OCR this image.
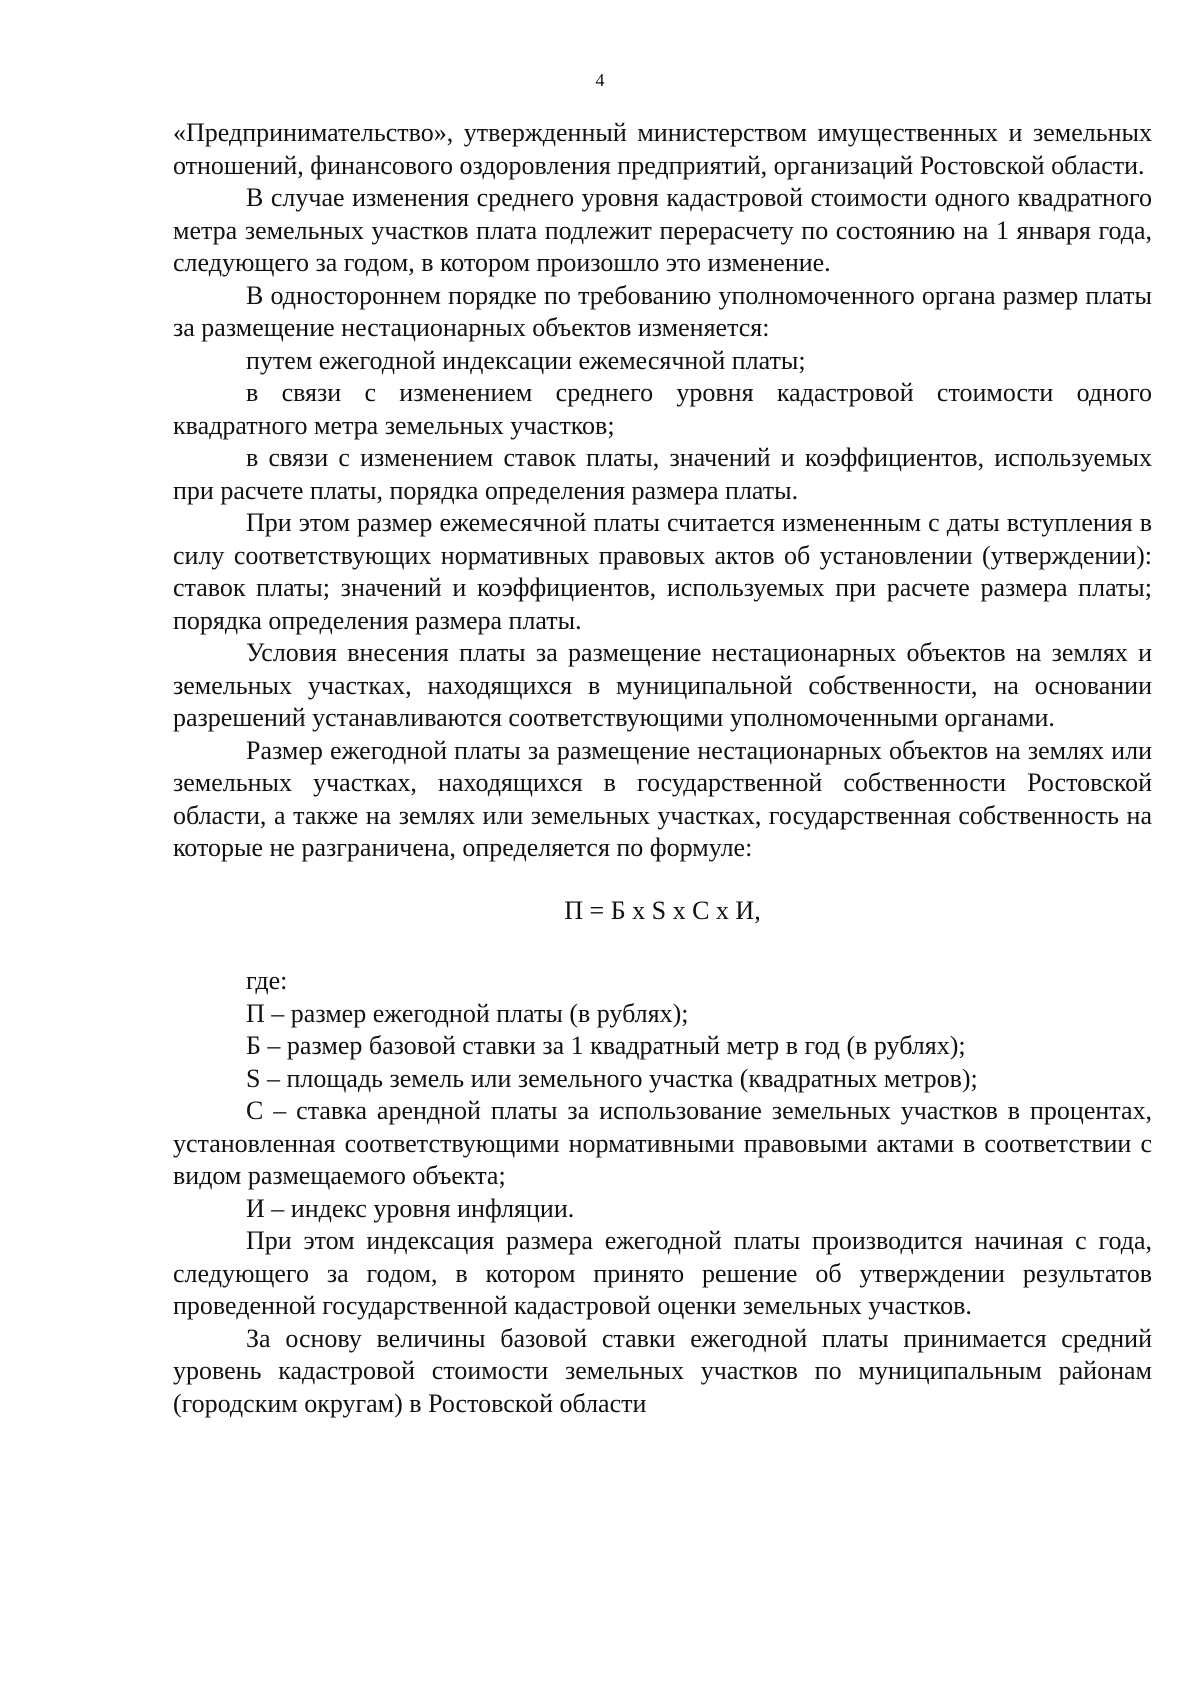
4

«Предпринимательство», утвержденный министерством имущественных и земельных отношений, финансового оздоровления предприятий, организаций Ростовской области.

В случае изменения среднего уровня кадастровой стоимости одного квадратного метра земельных участков плата подлежит перерасчету по состоянию на 1 января года, следующего за годом, в котором произошло это изменение.

В одностороннем порядке по требованию уполномоченного органа размер платы за размещение нестационарных объектов изменяется:

путем ежегодной индексации ежемесячной платы;

в связи с изменением среднего уровня кадастровой стоимости одного квадратного метра земельных участков;

в связи с изменением ставок платы, значений и коэффициентов, используемых при расчете платы, порядка определения размера платы.

При этом размер ежемесячной платы считается измененным с даты вступления в силу соответствующих нормативных правовых актов об установлении (утверждении): ставок платы; значений и коэффициентов, используемых при расчете размера платы; порядка определения размера платы.

Условия внесения платы за размещение нестационарных объектов на землях и земельных участках, находящихся в муниципальной собственности, на основании разрешений устанавливаются соответствующими уполномоченными органами.

Размер ежегодной платы за размещение нестационарных объектов на землях или земельных участках, находящихся в государственной собственности Ростовской области, а также на землях или земельных участках, государственная собственность на которые не разграничена, определяется по формуле:

П = Б х S х С х И,

где:

П – размер ежегодной платы (в рублях);

Б – размер базовой ставки за 1 квадратный метр в год (в рублях);

S – площадь земель или земельного участка (квадратных метров);

С – ставка арендной платы за использование земельных участков в процентах, установленная соответствующими нормативными правовыми актами в соответствии с видом размещаемого объекта;

И – индекс уровня инфляции.

При этом индексация размера ежегодной платы производится начиная с года, следующего за годом, в котором принято решение об утверждении результатов проведенной государственной кадастровой оценки земельных участков.

За основу величины базовой ставки ежегодной платы принимается средний уровень кадастровой стоимости земельных участков по муниципальным районам (городским округам) в Ростовской области
